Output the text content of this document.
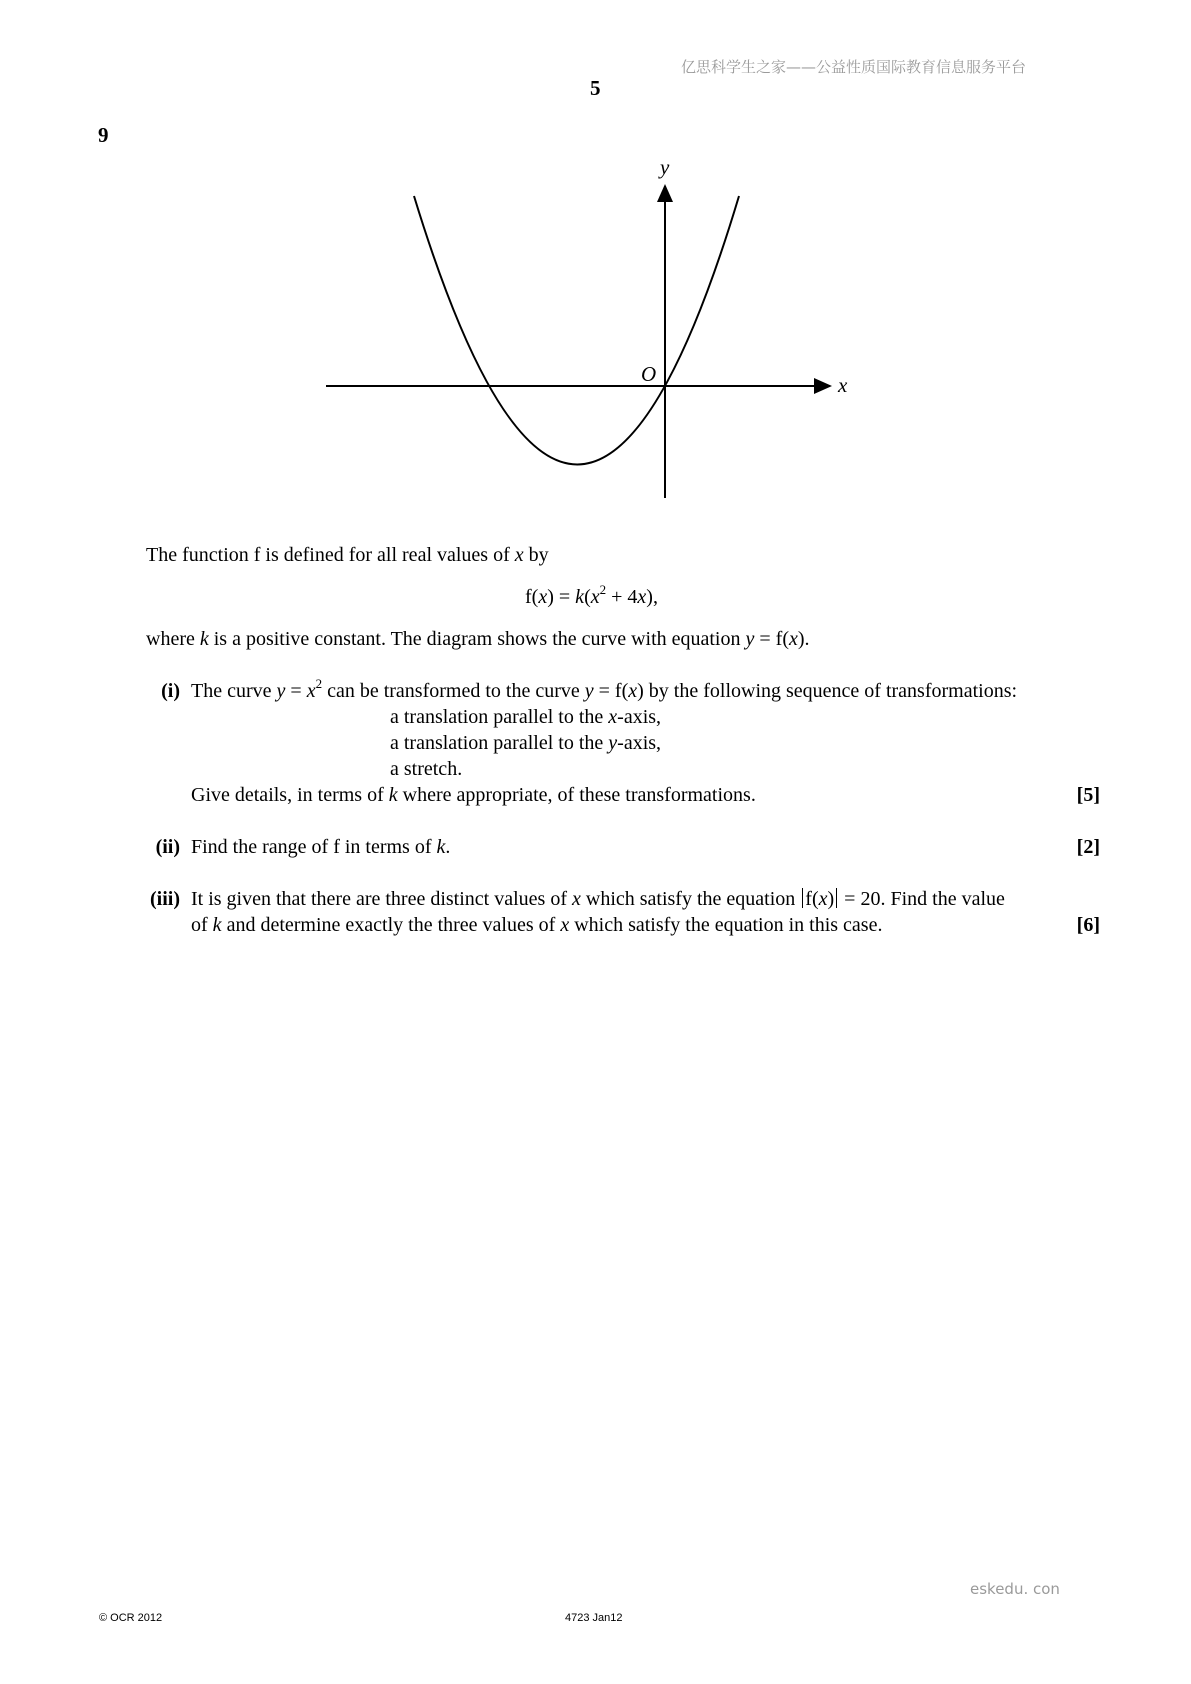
亿思科学生之家——公益性质国际教育信息服务平台
5
9
y
x
O
The function f is defined for all real values of x by
$f(x) = k(x^2 + 4x)$,
where k is a positive constant. The diagram shows the curve with equation y = f(x).
(i) The curve $y = x^2$ can be transformed to the curve y = f(x) by the following sequence of transformations:
a translation parallel to the x-axis,
a translation parallel to the y-axis,
a stretch.
Give details, in terms of k where appropriate, of these transformations.	[5]
(ii) Find the range of f in terms of k.	[2]
(iii) It is given that there are three distinct values of x which satisfy the equation f(x) = 20. Find the value
of k and determine exactly the three values of x which satisfy the equation in this case.	[6]
eskedu. con
© OCR 2012	4723 Jan12
